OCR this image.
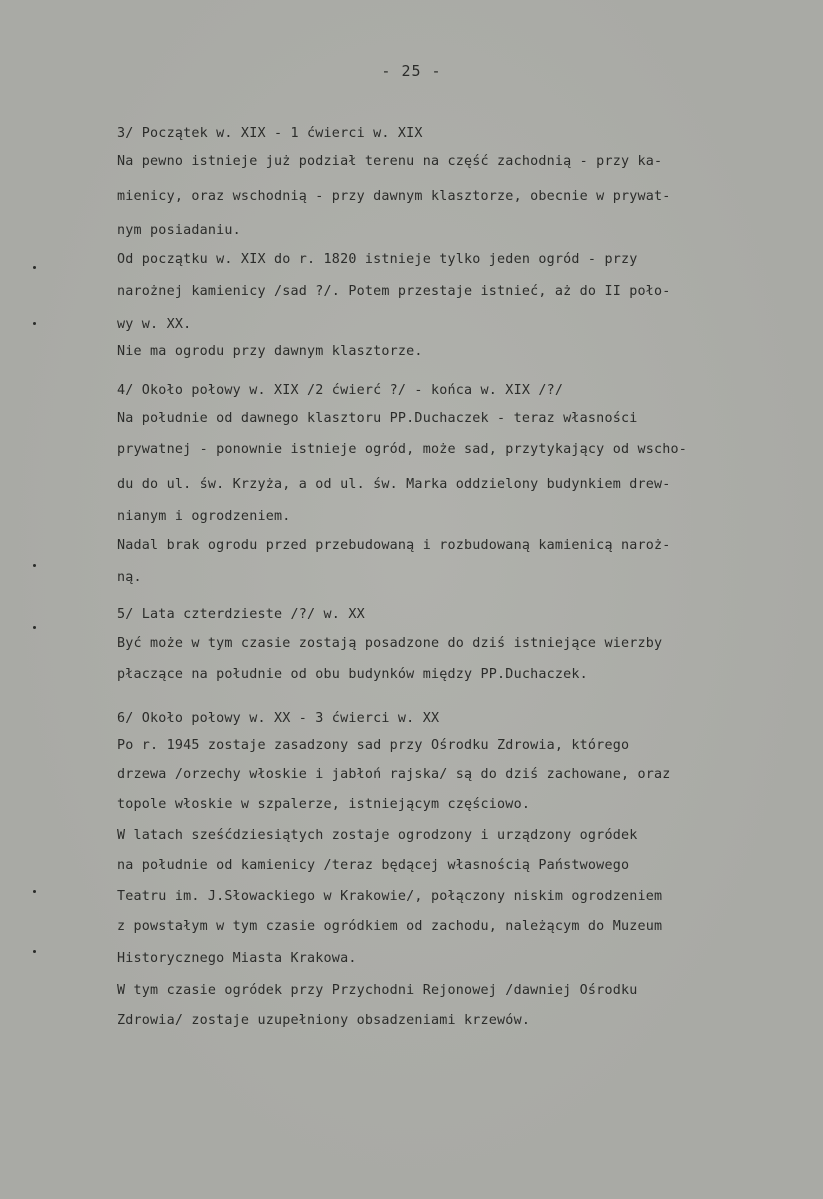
- 25 -
3/ Początek w. XIX - 1 ćwierci w. XIX
Na pewno istnieje już podział terenu na część zachodnią - przy ka-
mienicy, oraz wschodnią - przy dawnym klasztorze, obecnie w prywat-
nym posiadaniu.
Od początku w. XIX do r. 1820 istnieje tylko jeden ogród - przy
narożnej kamienicy /sad ?/. Potem przestaje istnieć, aż do II poło-
wy w. XX.
Nie ma ogrodu przy dawnym klasztorze.
4/ Około połowy w. XIX /2 ćwierć ?/ - końca w. XIX /?/
Na południe od dawnego klasztoru PP.Duchaczek - teraz własności
prywatnej - ponownie istnieje ogród, może sad, przytykający od wscho-
du do ul. św. Krzyża, a od ul. św. Marka oddzielony budynkiem drew-
nianym i ogrodzeniem.
Nadal brak ogrodu przed przebudowaną i rozbudowaną kamienicą naroż-
ną.
5/ Lata czterdzieste /?/ w. XX
Być może w tym czasie zostają posadzone do dziś istniejące wierzby
płaczące na południe od obu budynków między PP.Duchaczek.
6/ Około połowy w. XX - 3 ćwierci w. XX
Po r. 1945 zostaje zasadzony sad przy Ośrodku Zdrowia, którego
drzewa /orzechy włoskie i jabłoń rajska/ są do dziś zachowane, oraz
topole włoskie w szpalerze, istniejącym częściowo.
W latach sześćdziesiątych zostaje ogrodzony i urządzony ogródek
na południe od kamienicy /teraz będącej własnością Państwowego
Teatru im. J.Słowackiego w Krakowie/, połączony niskim ogrodzeniem
z powstałym w tym czasie ogródkiem od zachodu, należącym do Muzeum
Historycznego Miasta Krakowa.
W tym czasie ogródek przy Przychodni Rejonowej /dawniej Ośrodku
Zdrowia/ zostaje uzupełniony obsadzeniami krzewów.
